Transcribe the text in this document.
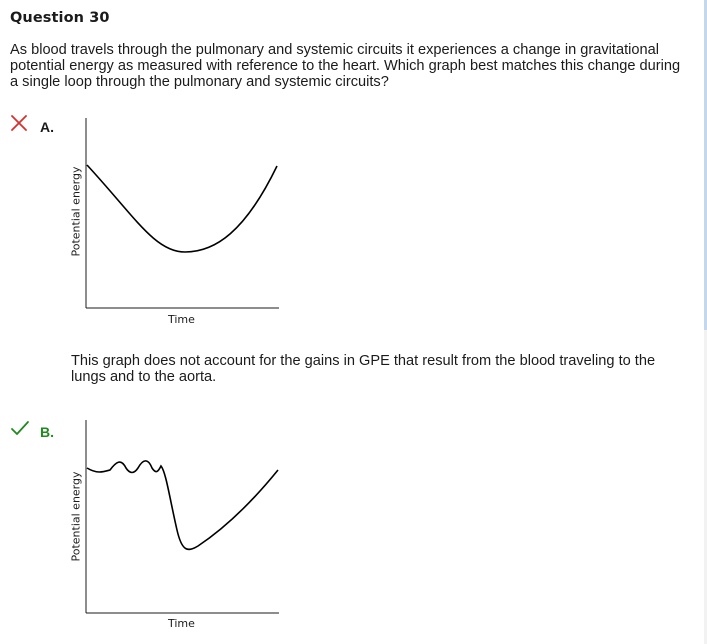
Question 30
As blood travels through the pulmonary and systemic circuits it experiences a change in gravitational potential energy as measured with reference to the heart. Which graph best matches this change during a single loop through the pulmonary and systemic circuits?
A.
Potential energy
Time
This graph does not account for the gains in GPE that result from the blood traveling to the lungs and to the aorta.
B.
Potential energy
Time
